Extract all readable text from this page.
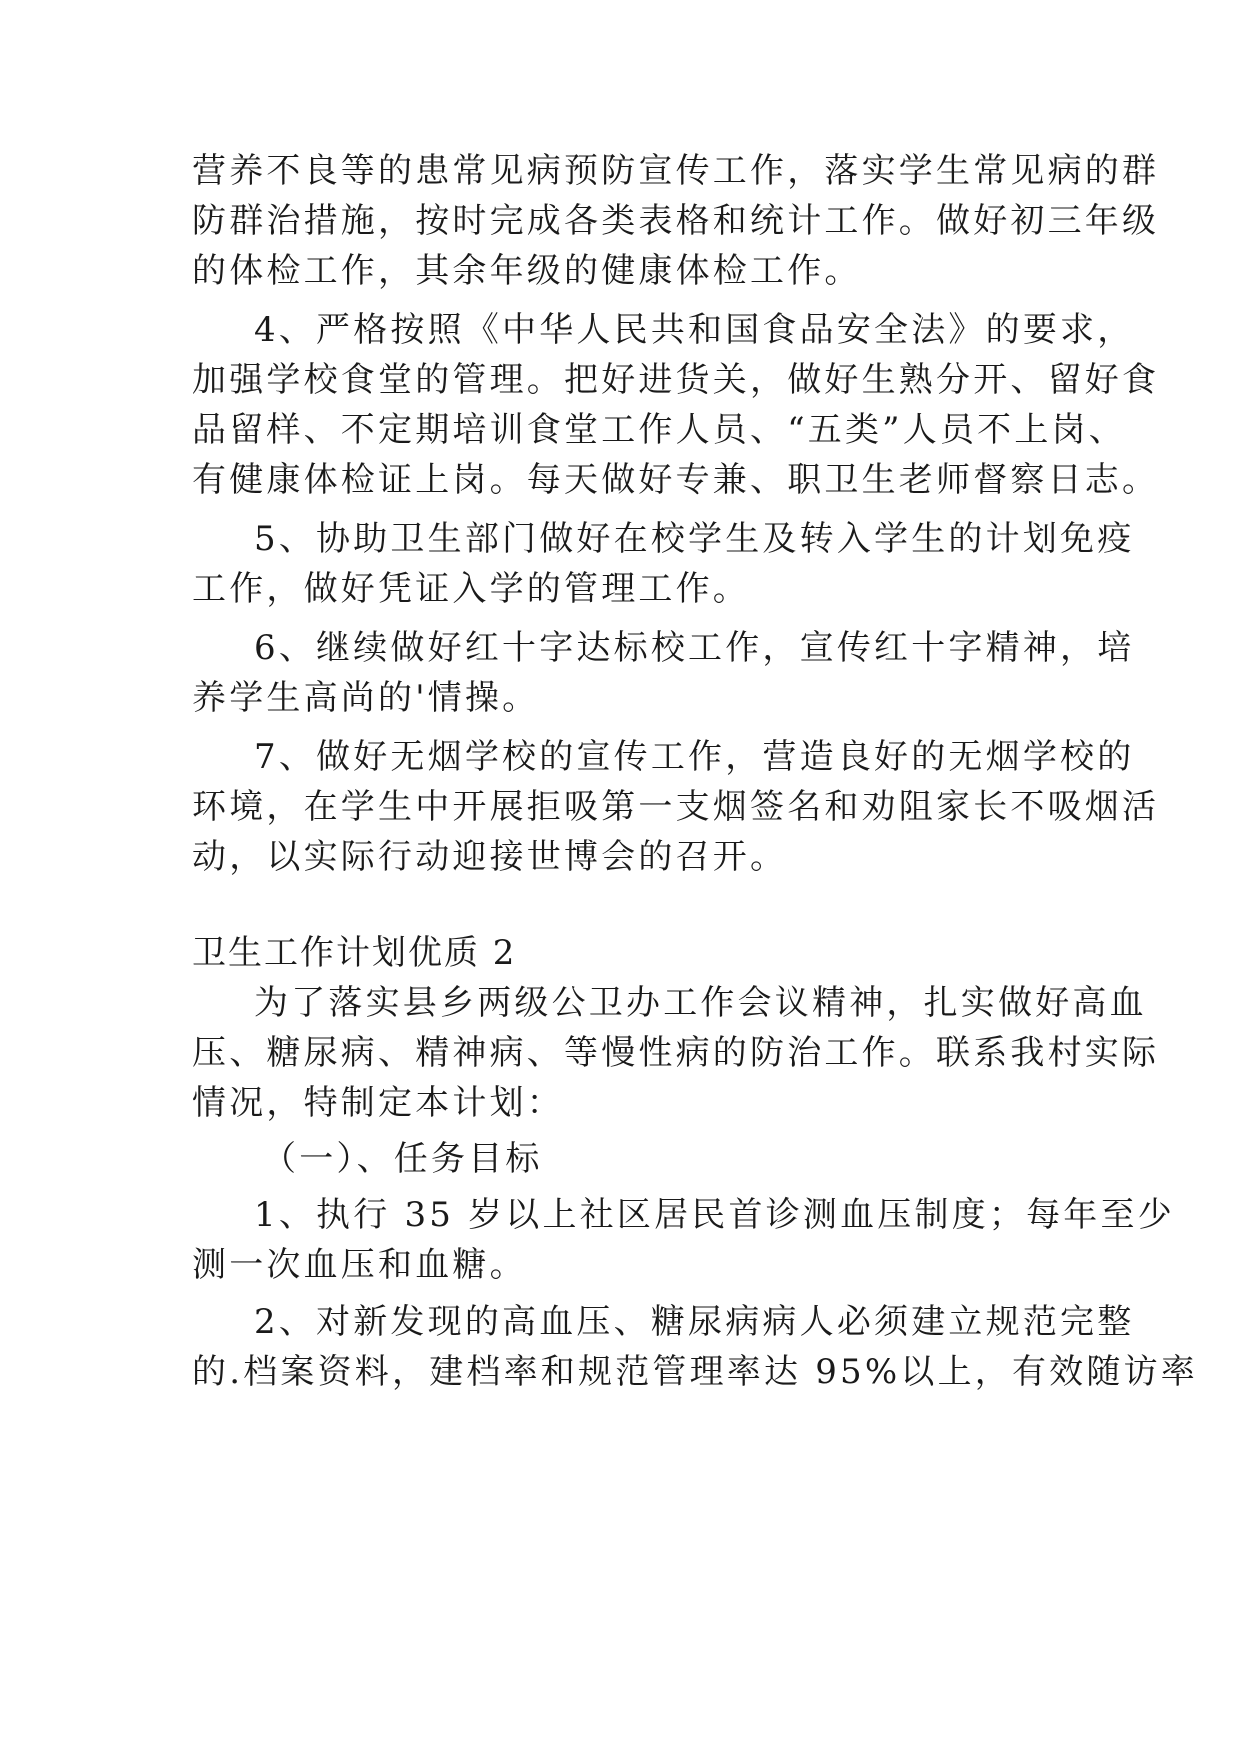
营养不良等的患常见病预防宣传工作，落实学生常见病的群
防群治措施，按时完成各类表格和统计工作。做好初三年级
的体检工作，其余年级的健康体检工作。
4、严格按照《中华人民共和国食品安全法》的要求，
加强学校食堂的管理。把好进货关，做好生熟分开、留好食
品留样、不定期培训食堂工作人员、“五类”人员不上岗、
有健康体检证上岗。每天做好专兼、职卫生老师督察日志。
5、协助卫生部门做好在校学生及转入学生的计划免疫
工作，做好凭证入学的管理工作。
6、继续做好红十字达标校工作，宣传红十字精神，培
养学生高尚的'情操。
7、做好无烟学校的宣传工作，营造良好的无烟学校的
环境，在学生中开展拒吸第一支烟签名和劝阻家长不吸烟活
动，以实际行动迎接世博会的召开。
卫生工作计划优质 2
为了落实县乡两级公卫办工作会议精神，扎实做好高血
压、糖尿病、精神病、等慢性病的防治工作。联系我村实际
情况，特制定本计划：
（一）、任务目标
1、执行 35 岁以上社区居民首诊测血压制度；每年至少
测一次血压和血糖。
2、对新发现的高血压、糖尿病病人必须建立规范完整
的.档案资料，建档率和规范管理率达 95%以上，有效随访率
